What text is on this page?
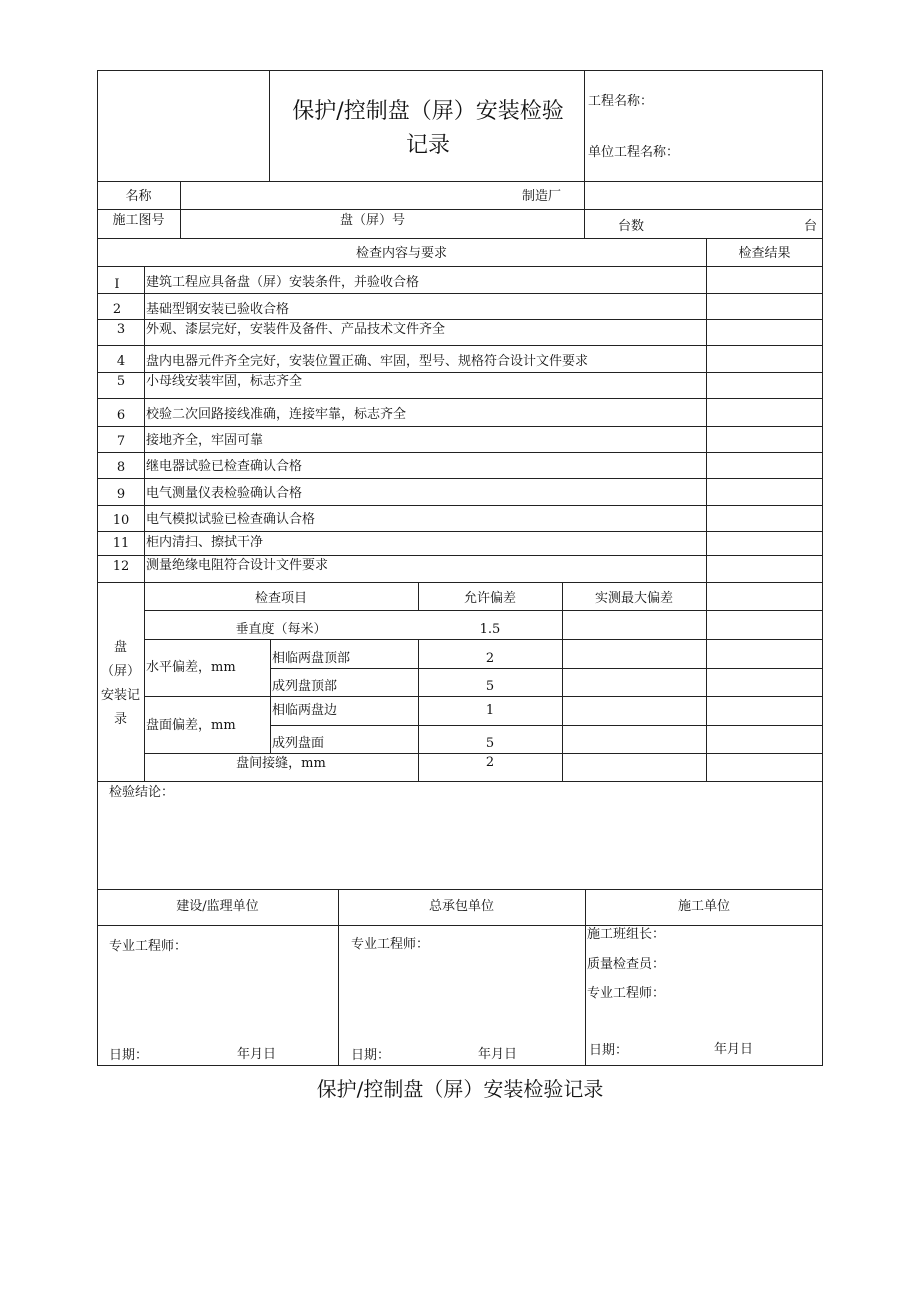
保护/控制盘（屏）安装检验
记录
工程名称：
单位工程名称：
名称	制造厂
施工图号	盘（屏）号	台数	台
检查内容与要求	检查结果
I	建筑工程应具备盘（屏）安装条件，并验收合格
2	基础型钢安装已验收合格
3	外观、漆层完好，安装件及备件、产品技术文件齐全
4	盘内电器元件齐全完好，安装位置正确、牢固，型号、规格符合设计文件要求
5	小母线安装牢固，标志齐全
6	校验二次回路接线准确，连接牢靠，标志齐全
7	接地齐全，牢固可靠
8	继电器试验已检查确认合格
9	电气测量仪表检验确认合格
10	电气模拟试验已检查确认合格
11	柜内清扫、擦拭干净
12	测量绝缘电阻符合设计文件要求
盘
（屏）
安装记
录
检查项目	允许偏差	实测最大偏差
垂直度（每米）	1.5
水平偏差，mm
相临两盘顶部	2
成列盘顶部	5
盘面偏差，mm
相临两盘边	1
成列盘面	5
盘间接缝，mm	2
检验结论：
建设/监理单位	总承包单位	施工单位
专业工程师：	专业工程师：
施工班组长：
质量检查员：
专业工程师：
日期：	年月日	日期：	年月日	日期：	年月日
保护/控制盘（屏）安装检验记录
